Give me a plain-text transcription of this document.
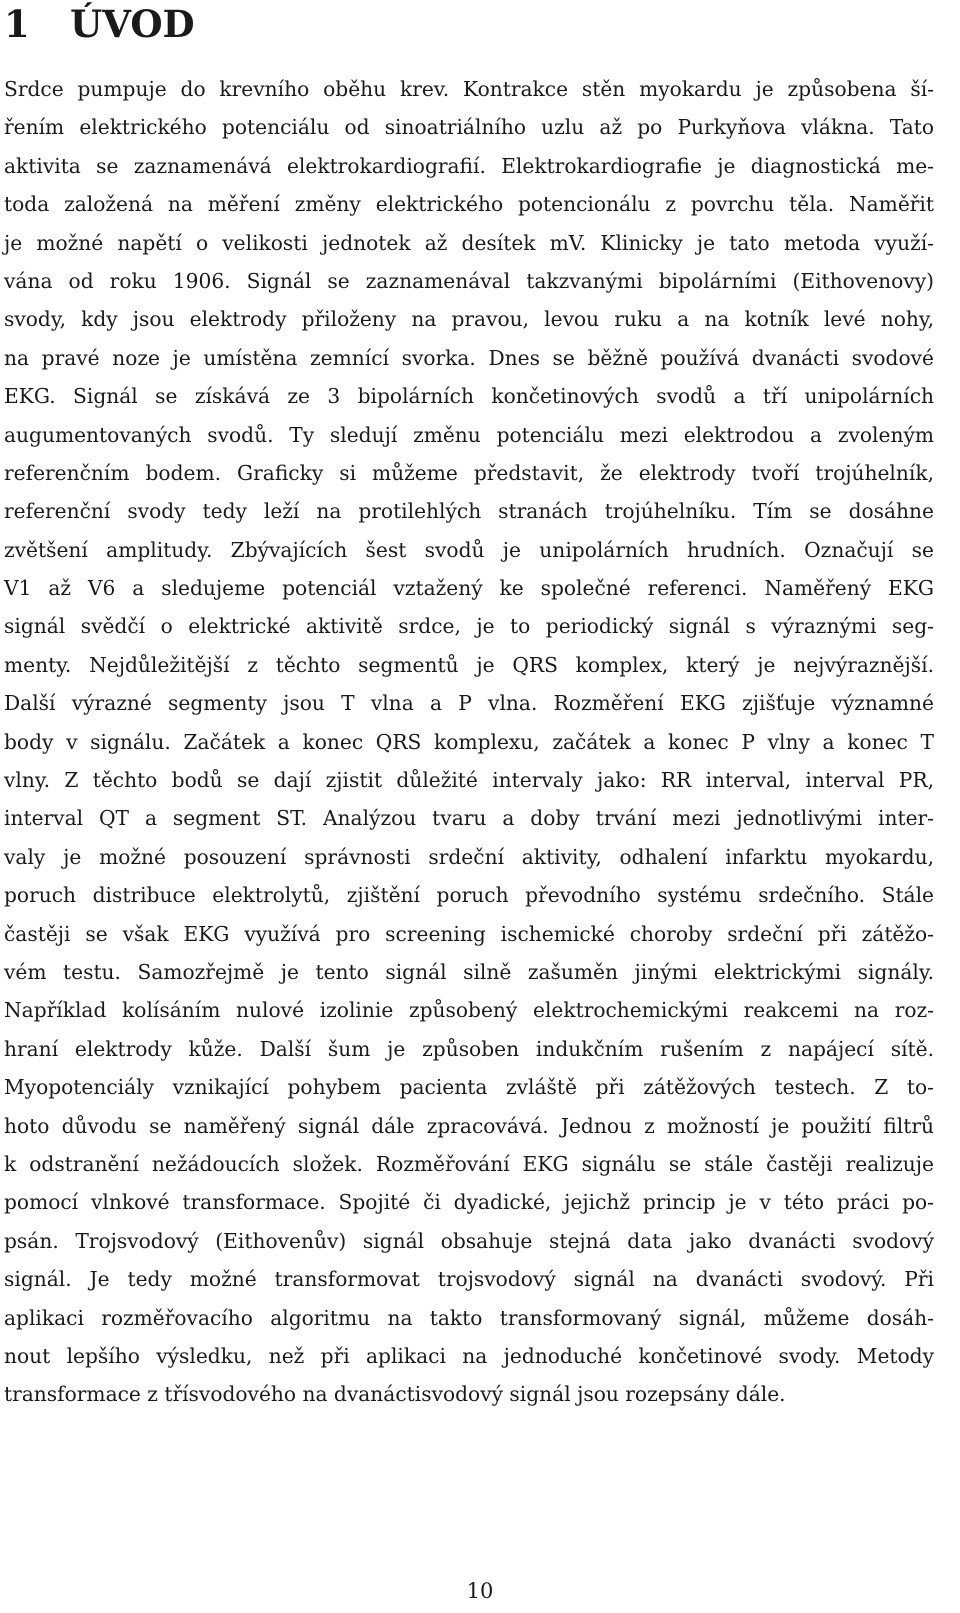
1 ÚVOD
Srdce pumpuje do krevního oběhu krev. Kontrakce stěn myokardu je způsobena ší-
řením elektrického potenciálu od sinoatriálního uzlu až po Purkyňova vlákna. Tato
aktivita se zaznamenává elektrokardiografií. Elektrokardiografie je diagnostická me-
toda založená na měření změny elektrického potencionálu z povrchu těla. Naměřit
je možné napětí o velikosti jednotek až desítek mV. Klinicky je tato metoda využí-
vána od roku 1906. Signál se zaznamenával takzvanými bipolárními (Eithovenovy)
svody, kdy jsou elektrody přiloženy na pravou, levou ruku a na kotník levé nohy,
na pravé noze je umístěna zemnící svorka. Dnes se běžně používá dvanácti svodové
EKG. Signál se získává ze 3 bipolárních končetinových svodů a tří unipolárních
augumentovaných svodů. Ty sledují změnu potenciálu mezi elektrodou a zvoleným
referenčním bodem. Graficky si můžeme představit, že elektrody tvoří trojúhelník,
referenční svody tedy leží na protilehlých stranách trojúhelníku. Tím se dosáhne
zvětšení amplitudy. Zbývajících šest svodů je unipolárních hrudních. Označují se
V1 až V6 a sledujeme potenciál vztažený ke společné referenci. Naměřený EKG
signál svědčí o elektrické aktivitě srdce, je to periodický signál s výraznými seg-
menty. Nejdůležitější z těchto segmentů je QRS komplex, který je nejvýraznější.
Další výrazné segmenty jsou T vlna a P vlna. Rozměření EKG zjišťuje významné
body v signálu. Začátek a konec QRS komplexu, začátek a konec P vlny a konec T
vlny. Z těchto bodů se dají zjistit důležité intervaly jako: RR interval, interval PR,
interval QT a segment ST. Analýzou tvaru a doby trvání mezi jednotlivými inter-
valy je možné posouzení správnosti srdeční aktivity, odhalení infarktu myokardu,
poruch distribuce elektrolytů, zjištění poruch převodního systému srdečního. Stále
častěji se však EKG využívá pro screening ischemické choroby srdeční při zátěžo-
vém testu. Samozřejmě je tento signál silně zašuměn jinými elektrickými signály.
Například kolísáním nulové izolinie způsobený elektrochemickými reakcemi na roz-
hraní elektrody kůže. Další šum je způsoben indukčním rušením z napájecí sítě.
Myopotenciály vznikající pohybem pacienta zvláště při zátěžových testech. Z to-
hoto důvodu se naměřený signál dále zpracovává. Jednou z možností je použití filtrů
k odstranění nežádoucích složek. Rozměřování EKG signálu se stále častěji realizuje
pomocí vlnkové transformace. Spojité či dyadické, jejichž princip je v této práci po-
psán. Trojsvodový (Eithovenův) signál obsahuje stejná data jako dvanácti svodový
signál. Je tedy možné transformovat trojsvodový signál na dvanácti svodový. Při
aplikaci rozměřovacího algoritmu na takto transformovaný signál, můžeme dosáh-
nout lepšího výsledku, než při aplikaci na jednoduché končetinové svody. Metody
transformace z třísvodového na dvanáctisvodový signál jsou rozepsány dále.
10
